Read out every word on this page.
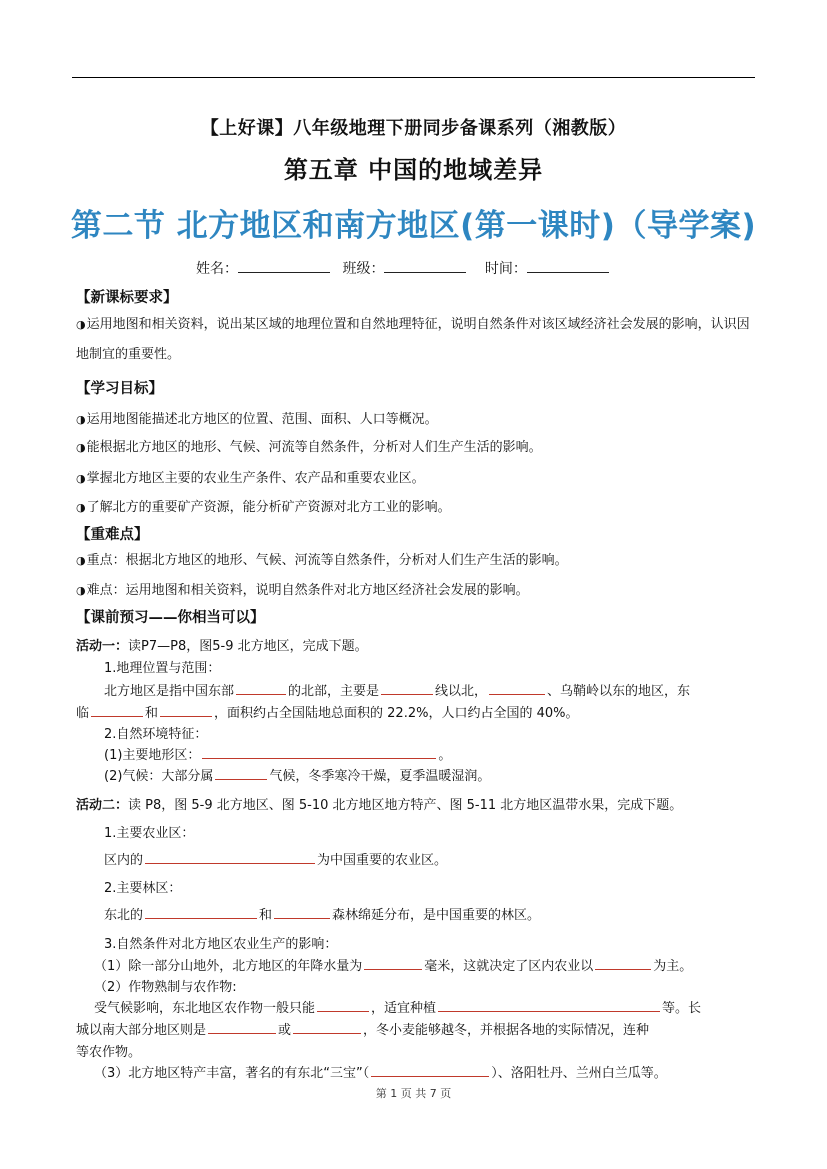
【上好课】八年级地理下册同步备课系列（湘教版）
第五章 中国的地域差异
第二节 北方地区和南方地区(第一课时)（导学案)
姓名：	班级：	时间：
【新课标要求】
◑运用地图和相关资料，说出某区域的地理位置和自然地理特征，说明自然条件对该区域经济社会发展的影响，认识因地制宜的重要性。
【学习目标】
◑运用地图能描述北方地区的位置、范围、面积、人口等概况。
◑能根据北方地区的地形、气候、河流等自然条件，分析对人们生产生活的影响。
◑掌握北方地区主要的农业生产条件、农产品和重要农业区。
◑了解北方的重要矿产资源，能分析矿产资源对北方工业的影响。
【重难点】
◑重点：根据北方地区的地形、气候、河流等自然条件，分析对人们生产生活的影响。
◑难点：运用地图和相关资料，说明自然条件对北方地区经济社会发展的影响。
【课前预习——你相当可以】
活动一：读P7—P8，图5-9 北方地区，完成下题。
1.地理位置与范围：
北方地区是指中国东部	的北部，主要是	线以北，	、乌鞘岭以东的地区，东
临	和	，面积约占全国陆地总面积的 22.2%，人口约占全国的 40%。
2.自然环境特征：
(1)主要地形区：	。
(2)气候：大部分属	气候，冬季寒冷干燥，夏季温暖湿润。
活动二：读 P8，图 5-9 北方地区、图 5-10 北方地区地方特产、图 5-11 北方地区温带水果，完成下题。
1.主要农业区：
区内的	为中国重要的农业区。
2.主要林区：
东北的	和	森林绵延分布，是中国重要的林区。
3.自然条件对北方地区农业生产的影响：
（1）除一部分山地外，北方地区的年降水量为	毫米，这就决定了区内农业以	为主。
（2）作物熟制与农作物:
受气候影响，东北地区农作物一般只能	，适宜种植	等。长
城以南大部分地区则是	或	，冬小麦能够越冬，并根据各地的实际情况，连种
等农作物。
（3）北方地区特产丰富，著名的有东北“三宝”（	）、洛阳牡丹、兰州白兰瓜等。
第 1 页 共 7 页
